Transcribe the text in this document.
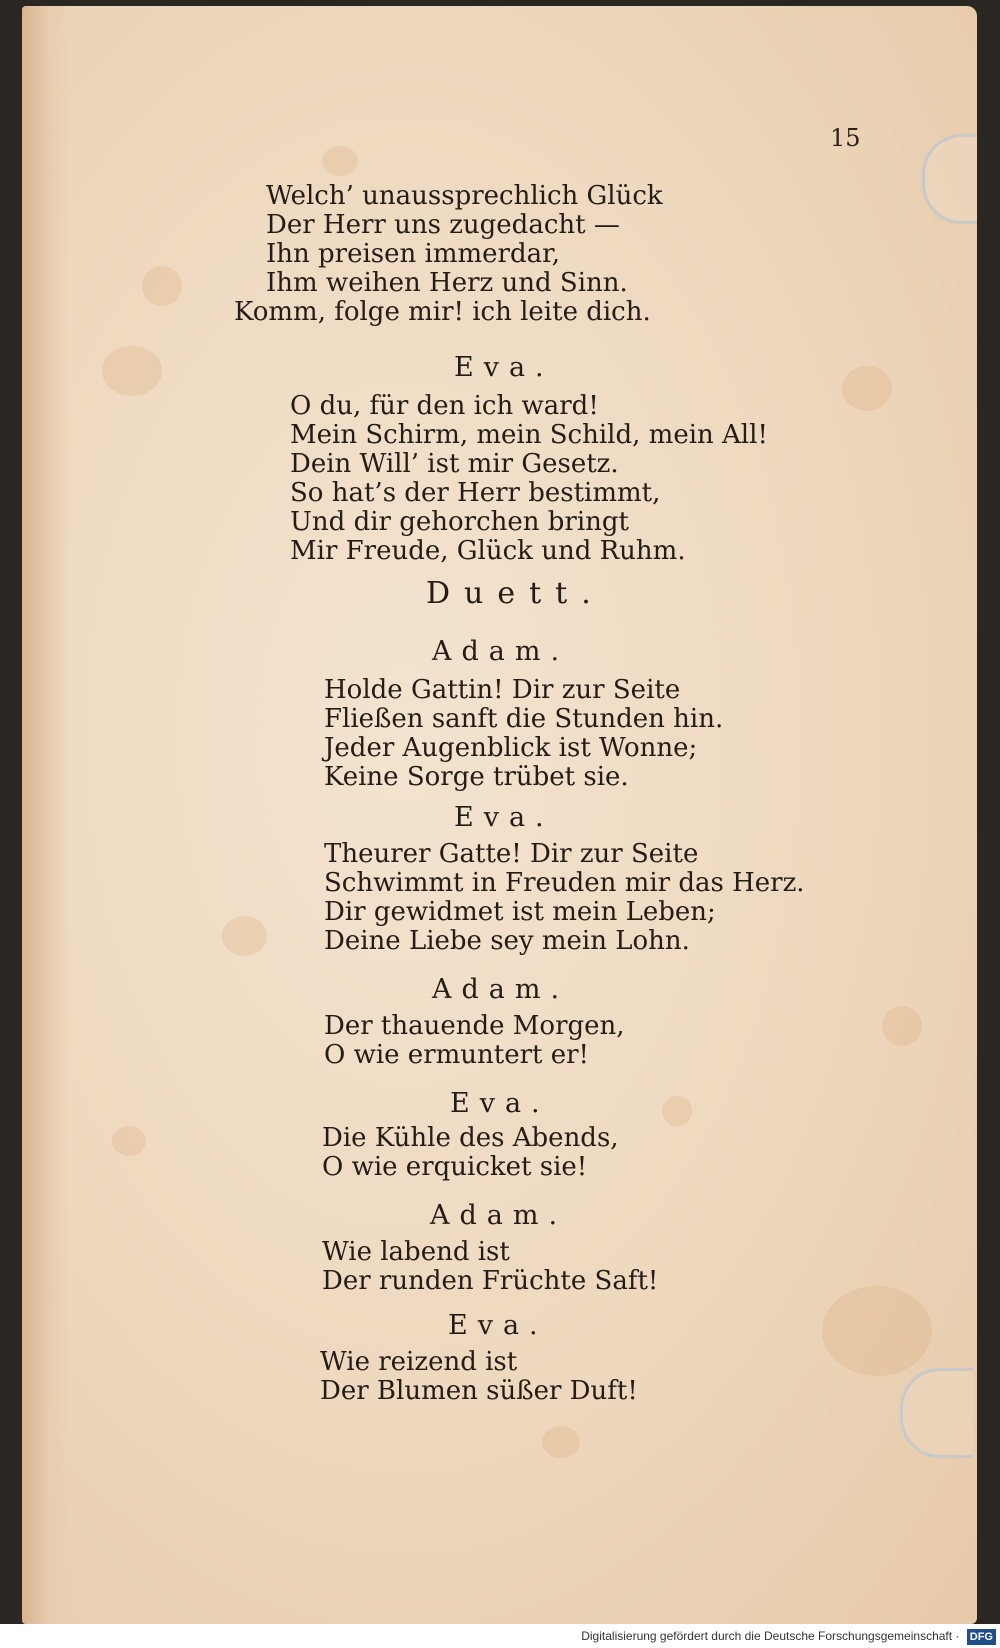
15
Welch’ unaussprechlich Glück
Der Herr uns zugedacht —
Ihn preisen immerdar,
Ihm weihen Herz und Sinn.
Komm, folge mir! ich leite dich.
Eva.
O du, für den ich ward!
Mein Schirm, mein Schild, mein All!
Dein Will’ ist mir Gesetz.
So hat’s der Herr bestimmt,
Und dir gehorchen bringt
Mir Freude, Glück und Ruhm.
Duett.
Adam.
Holde Gattin! Dir zur Seite
Fließen sanft die Stunden hin.
Jeder Augenblick ist Wonne;
Keine Sorge trübet sie.
Eva.
Theurer Gatte! Dir zur Seite
Schwimmt in Freuden mir das Herz.
Dir gewidmet ist mein Leben;
Deine Liebe sey mein Lohn.
Adam.
Der thauende Morgen,
O wie ermuntert er!
Eva.
Die Kühle des Abends,
O wie erquicket sie!
Adam.
Wie labend ist
Der runden Früchte Saft!
Eva.
Wie reizend ist
Der Blumen süßer Duft!
Digitalisierung gefördert durch die Deutsche Forschungsgemeinschaft · DFG
